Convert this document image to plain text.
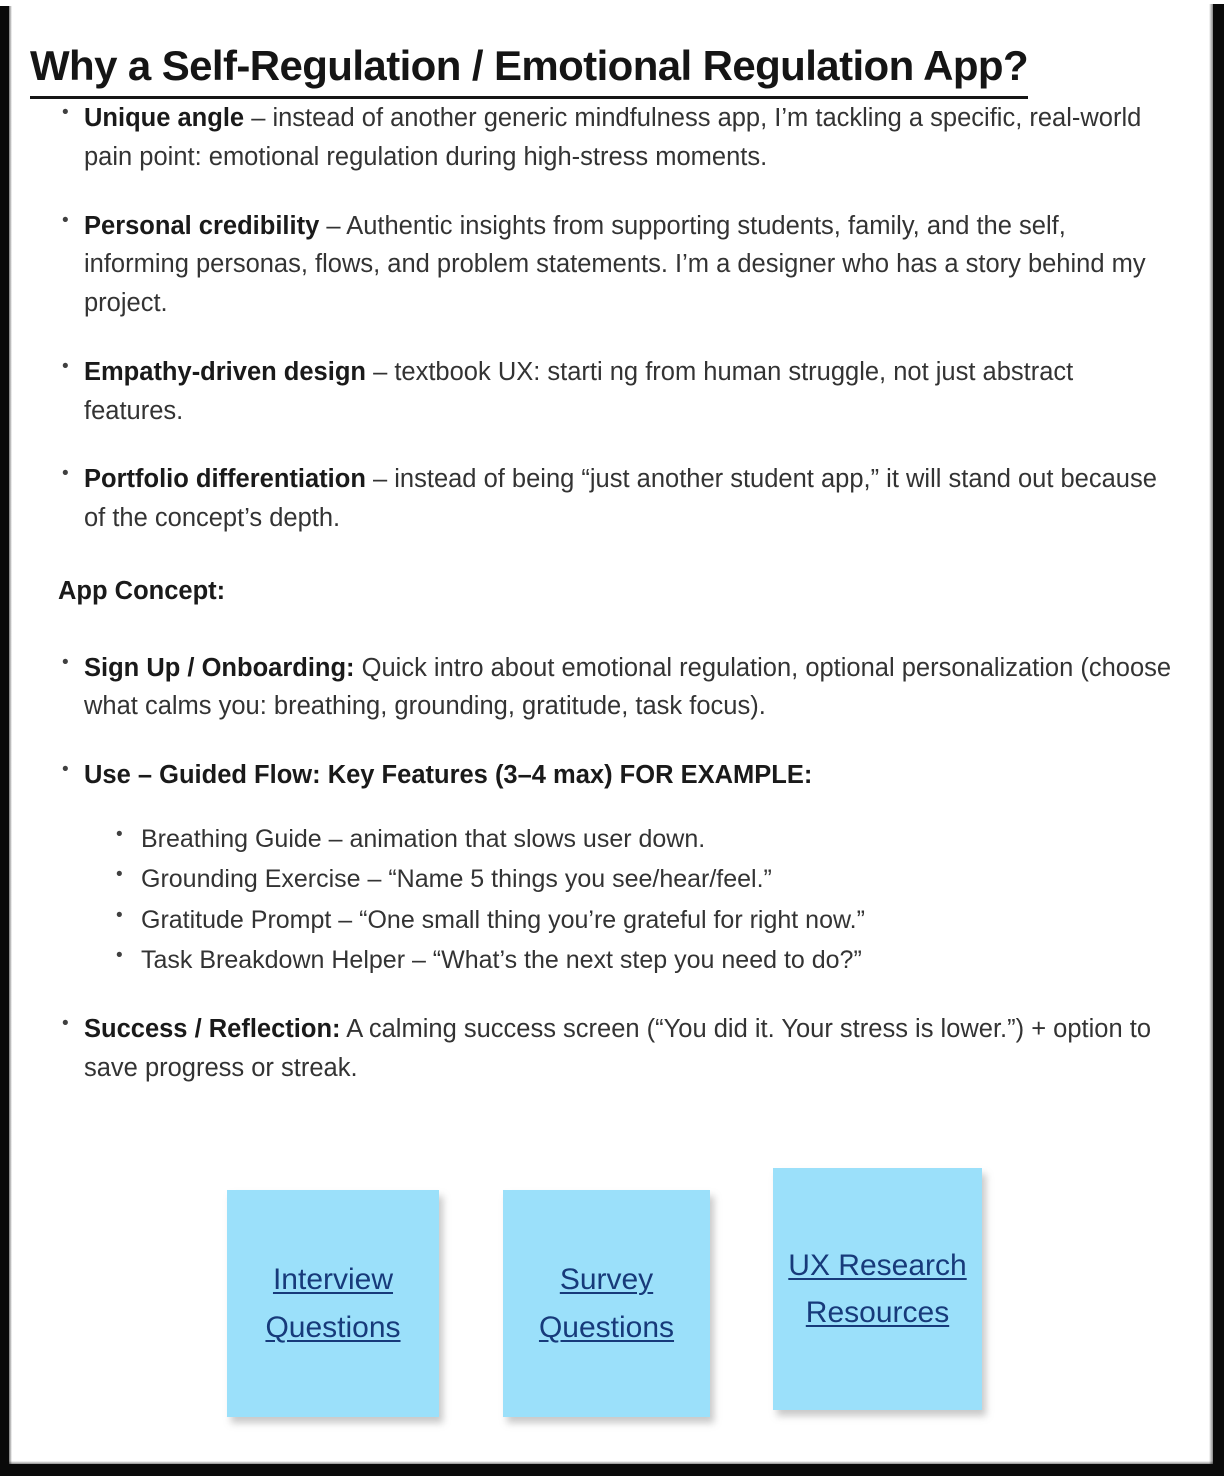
Why a Self-Regulation / Emotional Regulation App?
• Unique angle – instead of another generic mindfulness app, I’m tackling a specific, real-world pain point: emotional regulation during high-stress moments.
• Personal credibility – Authentic insights from supporting students, family, and the self, informing personas, flows, and problem statements. I’m a designer who has a story behind my project.
• Empathy-driven design – textbook UX: starti ng from human struggle, not just abstract features.
• Portfolio differentiation – instead of being “just another student app,” it will stand out because of the concept’s depth.
App Concept:
• Sign Up / Onboarding: Quick intro about emotional regulation, optional personalization (choose what calms you: breathing, grounding, gratitude, task focus).
• Use – Guided Flow: Key Features (3–4 max) FOR EXAMPLE:
• Breathing Guide – animation that slows user down.
• Grounding Exercise – “Name 5 things you see/hear/feel.”
• Gratitude Prompt – “One small thing you’re grateful for right now.”
• Task Breakdown Helper – “What’s the next step you need to do?”
• Success / Reflection: A calming success screen (“You did it. Your stress is lower.”) + option to save progress or streak.
Interview Questions
Survey Questions
UX Research Resources
